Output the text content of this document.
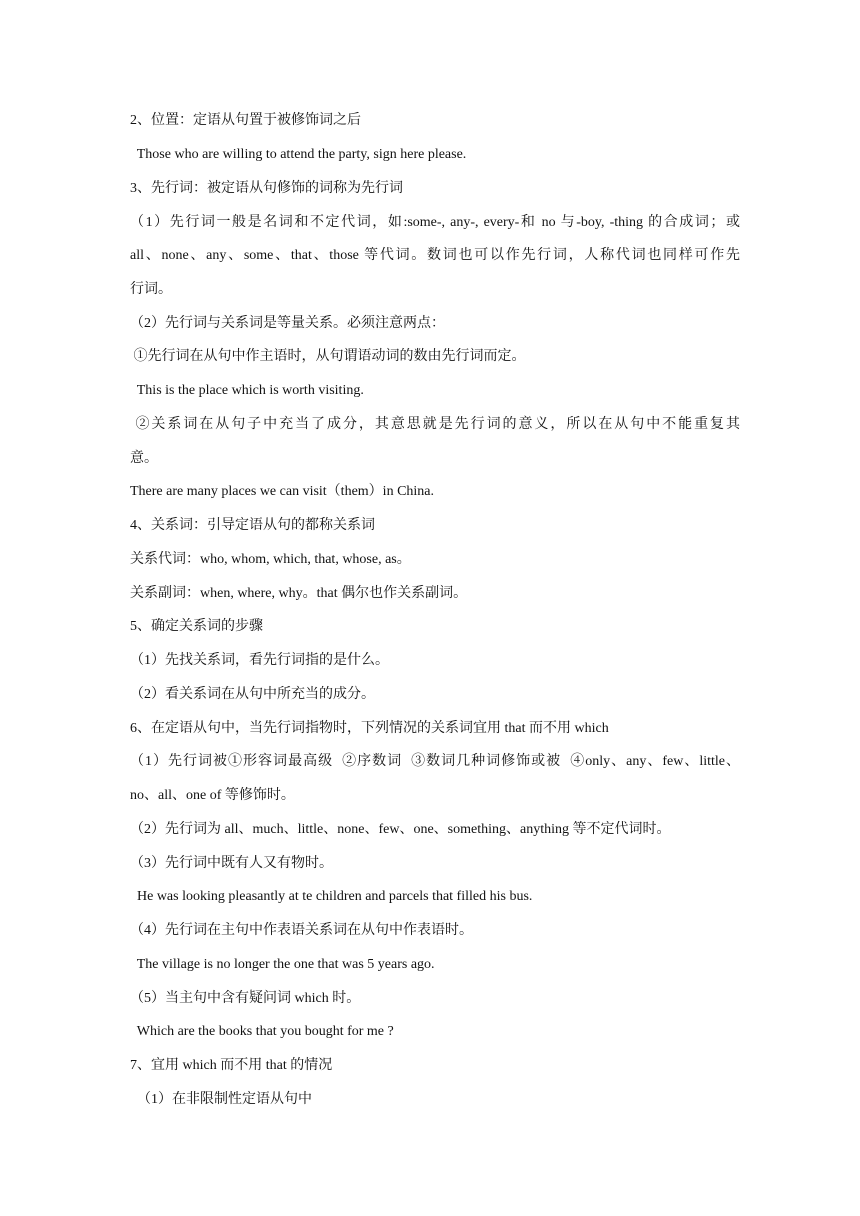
2、位置：定语从句置于被修饰词之后
Those who are willing to attend the party, sign here please.
3、先行词：被定语从句修饰的词称为先行词
（1）先行词一般是名词和不定代词，如:some-, any-, every-和 no 与-boy, -thing 的合成词；或
all、none、any、some、that、those 等代词。数词也可以作先行词，人称代词也同样可作先
行词。
（2）先行词与关系词是等量关系。必须注意两点：
①先行词在从句中作主语时，从句谓语动词的数由先行词而定。
This is the place which is worth visiting.
②关系词在从句子中充当了成分，其意思就是先行词的意义，所以在从句中不能重复其
意。
There are many places we can visit（them）in China.
4、关系词：引导定语从句的都称关系词
关系代词：who, whom, which, that, whose, as。
关系副词：when, where, why。that 偶尔也作关系副词。
5、确定关系词的步骤
（1）先找关系词，看先行词指的是什么。
（2）看关系词在从句中所充当的成分。
6、在定语从句中，当先行词指物时，下列情况的关系词宜用 that 而不用 which
（1）先行词被①形容词最高级  ②序数词  ③数词几种词修饰或被  ④only、any、few、little、
no、all、one of 等修饰时。
（2）先行词为 all、much、little、none、few、one、something、anything 等不定代词时。
（3）先行词中既有人又有物时。
He was looking pleasantly at te children and parcels that filled his bus.
（4）先行词在主句中作表语关系词在从句中作表语时。
The village is no longer the one that was 5 years ago.
（5）当主句中含有疑问词 which 时。
Which are the books that you bought for me ?
7、宜用 which 而不用 that 的情况
（1）在非限制性定语从句中
